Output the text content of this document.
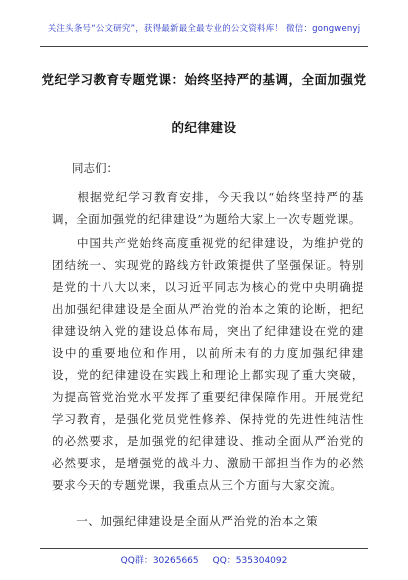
关注头条号“公文研究”，获得最新最全最专业的公文资料库！ 微信：gongwenyj
党纪学习教育专题党课：始终坚持严的基调，全面加强党
的纪律建设
同志们：
　　根据党纪学习教育安排，今天我以“始终坚持严的基调，全面加强党的纪律建设”为题给大家上一次专题党课。
　　中国共产党始终高度重视党的纪律建设，为维护党的团结统一、实现党的路线方针政策提供了坚强保证。特别是党的十八大以来，以习近平同志为核心的党中央明确提出加强纪律建设是全面从严治党的治本之策的论断，把纪律建设纳入党的建设总体布局，突出了纪律建设在党的建设中的重要地位和作用，以前所未有的力度加强纪律建设，党的纪律建设在实践上和理论上都实现了重大突破，为提高管党治党水平发挥了重要纪律保障作用。开展党纪学习教育，是强化党员党性修养、保持党的先进性纯洁性的必然要求，是加强党的纪律建设、推动全面从严治党的必然要求，是增强党的战斗力、激励干部担当作为的必然要求今天的专题党课，我重点从三个方面与大家交流。
　　一、加强纪律建设是全面从严治党的治本之策
QQ群：30265665 QQ：535304092
